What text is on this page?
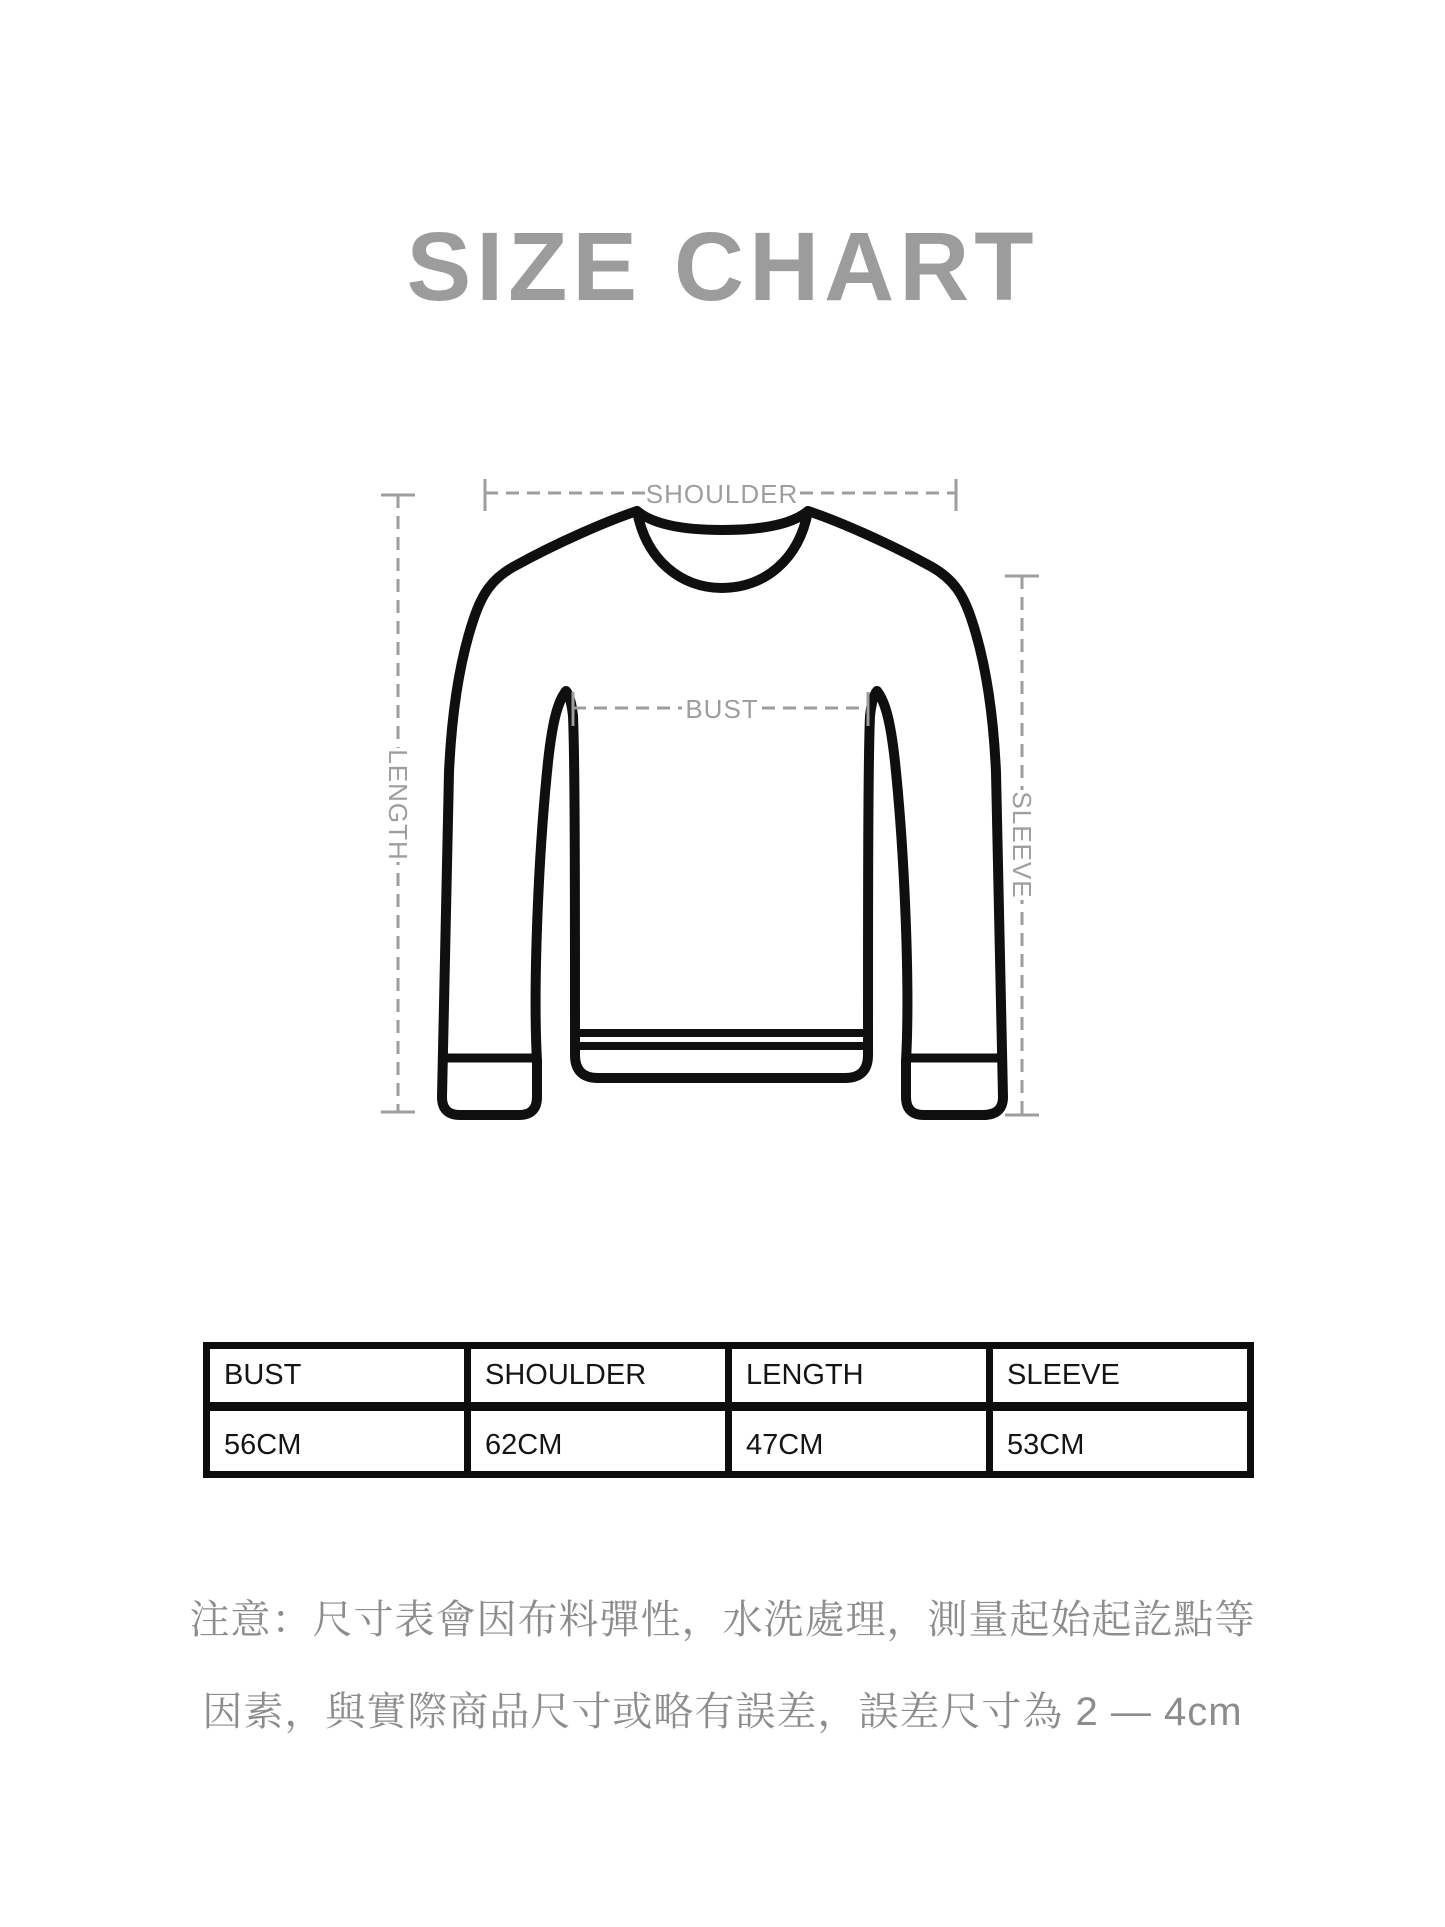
SIZE CHART
SHOULDER
BUST
LENGTH	SLEEVE
BUST	SHOULDER	LENGTH	SLEEVE
56CM	62CM	47CM	53CM
注意：尺寸表會因布料彈性，水洗處理，測量起始起訖點等
因素，與實際商品尺寸或略有誤差，誤差尺寸為 2 — 4cm
